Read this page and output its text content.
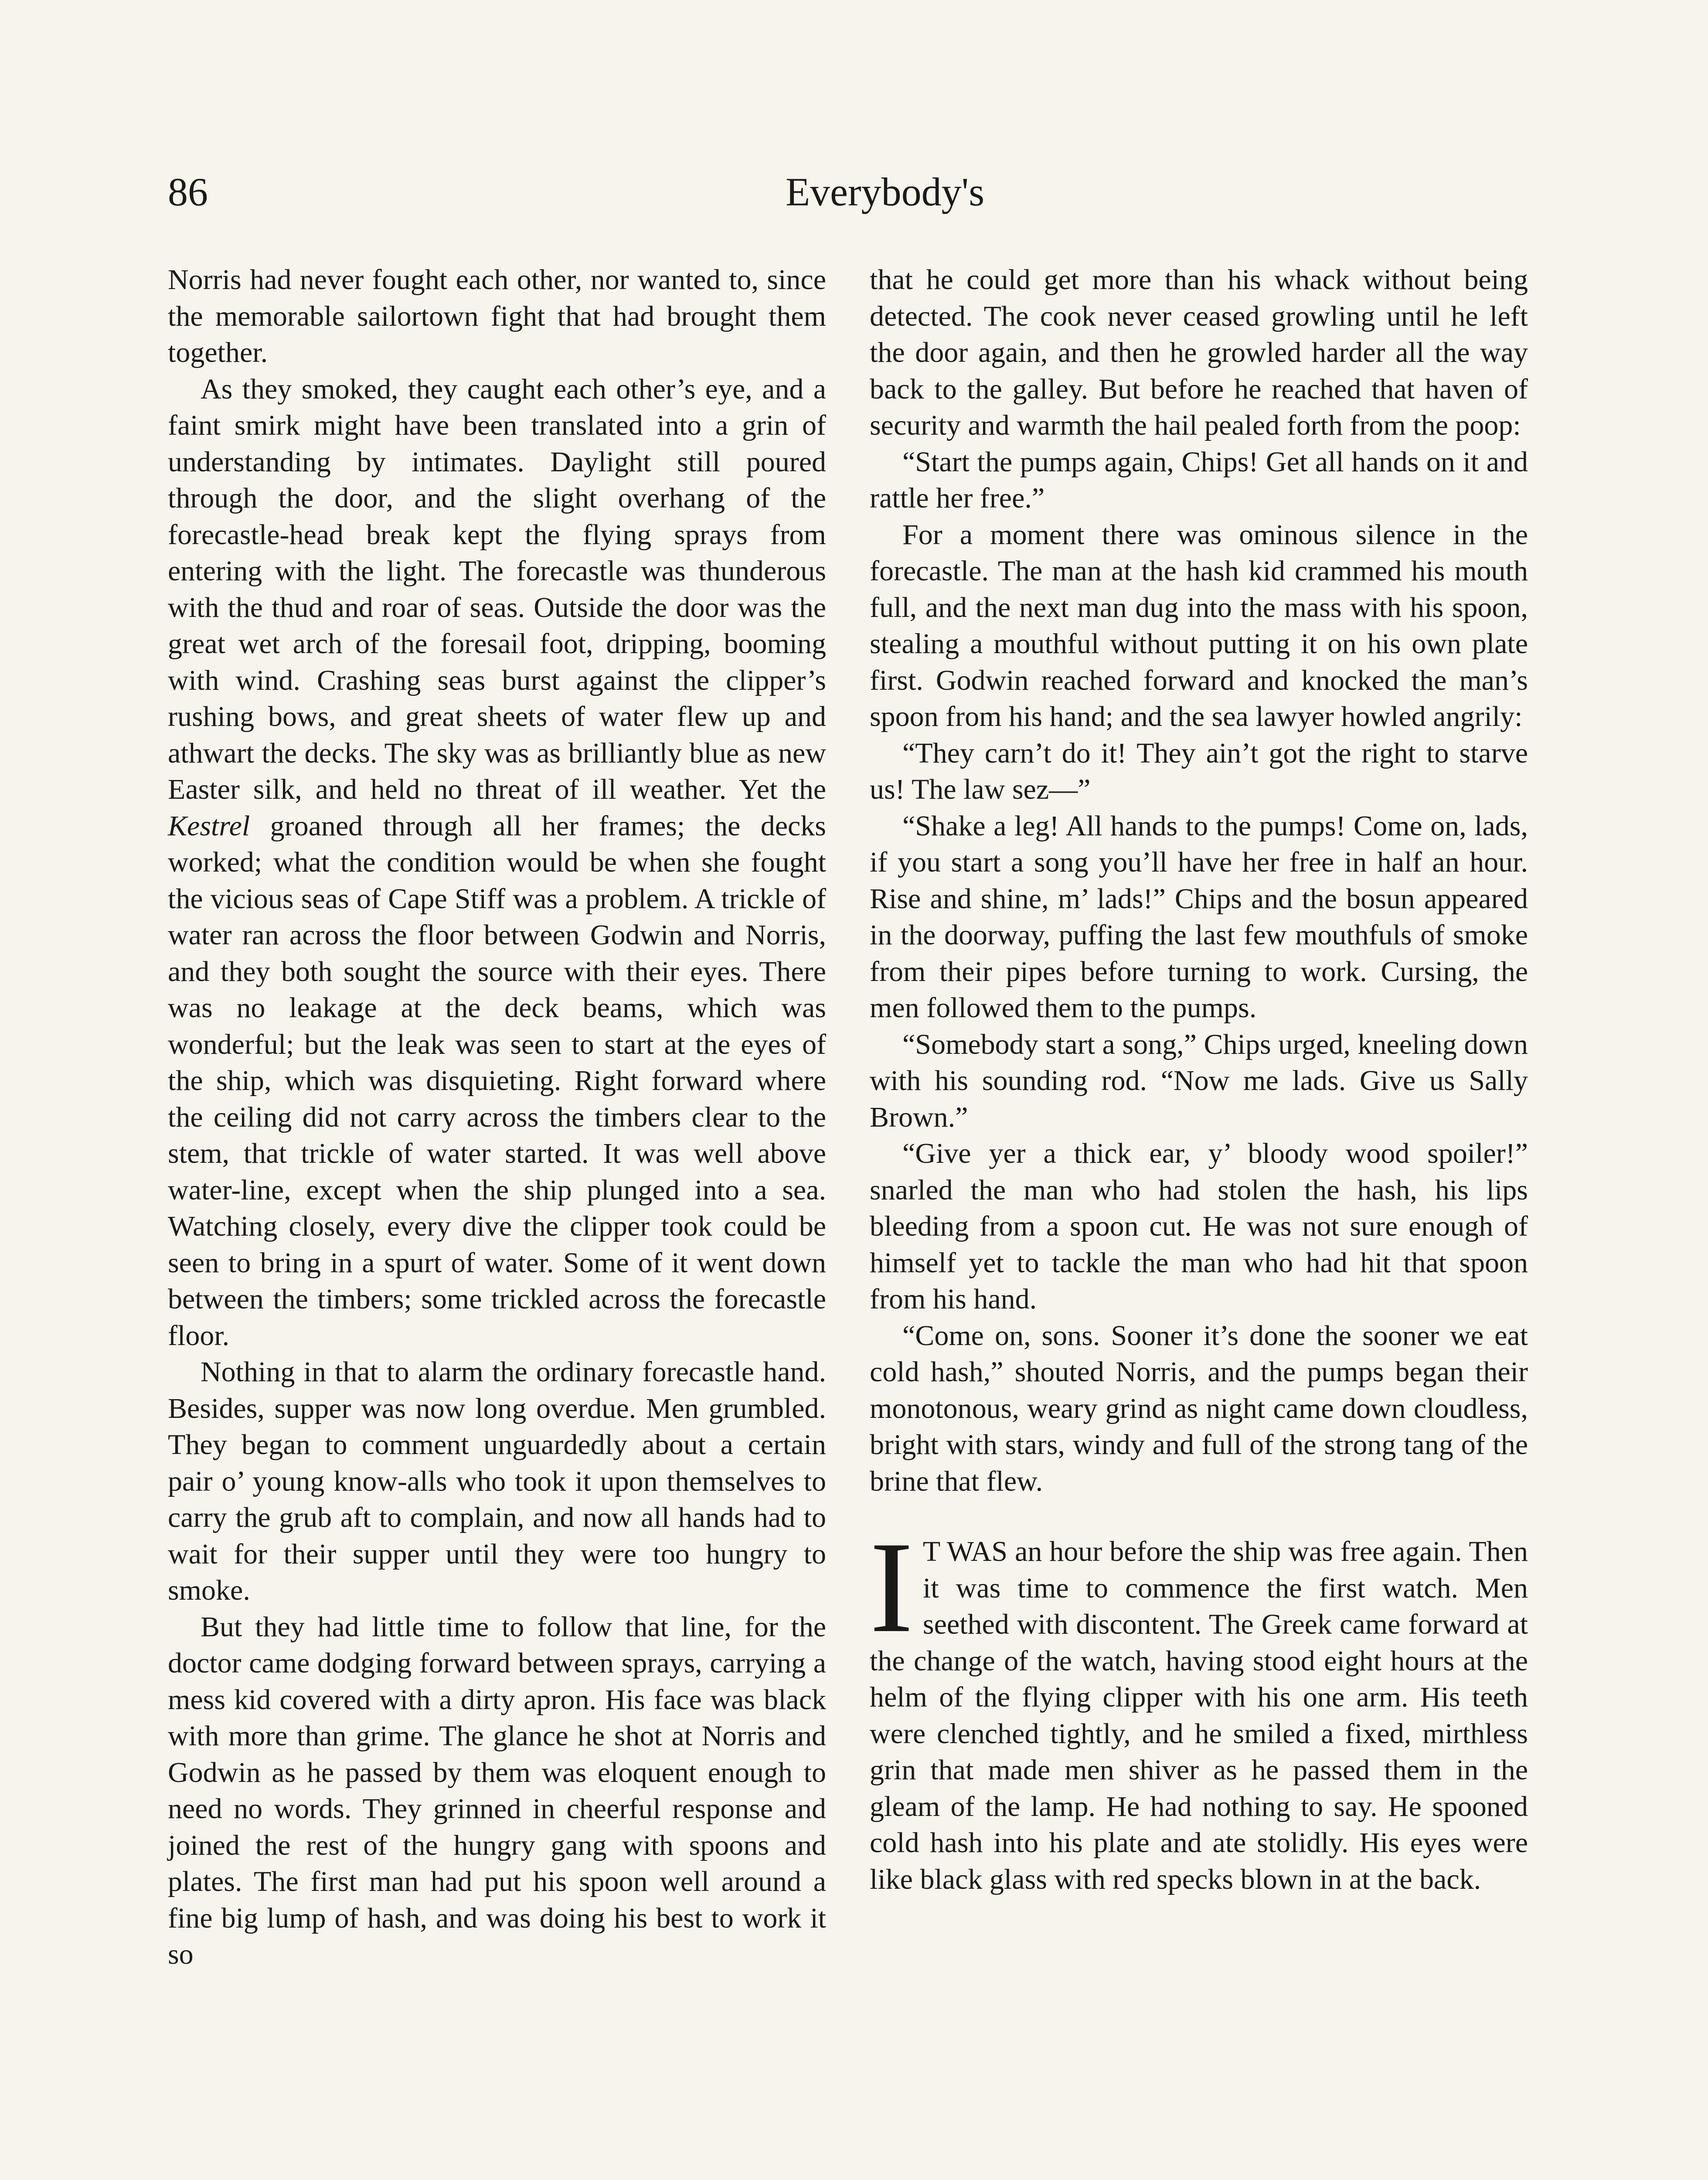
86	Everybody's

Norris had never fought each other, nor wanted to, since the memorable sailortown fight that had brought them together.

As they smoked, they caught each other’s eye, and a faint smirk might have been translated into a grin of understanding by intimates. Daylight still poured through the door, and the slight overhang of the forecastle-head break kept the flying sprays from entering with the light. The forecastle was thunderous with the thud and roar of seas. Outside the door was the great wet arch of the foresail foot, dripping, booming with wind. Crashing seas burst against the clipper’s rushing bows, and great sheets of water flew up and athwart the decks. The sky was as brilliantly blue as new Easter silk, and held no threat of ill weather. Yet the Kestrel groaned through all her frames; the decks worked; what the condition would be when she fought the vicious seas of Cape Stiff was a problem. A trickle of water ran across the floor between Godwin and Norris, and they both sought the source with their eyes. There was no leakage at the deck beams, which was wonderful; but the leak was seen to start at the eyes of the ship, which was disquieting. Right forward where the ceiling did not carry across the timbers clear to the stem, that trickle of water started. It was well above water-line, except when the ship plunged into a sea. Watching closely, every dive the clipper took could be seen to bring in a spurt of water. Some of it went down between the timbers; some trickled across the forecastle floor.

Nothing in that to alarm the ordinary forecastle hand. Besides, supper was now long overdue. Men grumbled. They began to comment unguardedly about a certain pair o’ young know-alls who took it upon themselves to carry the grub aft to complain, and now all hands had to wait for their supper until they were too hungry to smoke.

But they had little time to follow that line, for the doctor came dodging forward between sprays, carrying a mess kid covered with a dirty apron. His face was black with more than grime. The glance he shot at Norris and Godwin as he passed by them was eloquent enough to need no words. They grinned in cheerful response and joined the rest of the hungry gang with spoons and plates. The first man had put his spoon well around a fine big lump of hash, and was doing his best to work it so

that he could get more than his whack without being detected. The cook never ceased growling until he left the door again, and then he growled harder all the way back to the galley. But before he reached that haven of security and warmth the hail pealed forth from the poop:

“Start the pumps again, Chips! Get all hands on it and rattle her free.”

For a moment there was ominous silence in the forecastle. The man at the hash kid crammed his mouth full, and the next man dug into the mass with his spoon, stealing a mouthful without putting it on his own plate first. Godwin reached forward and knocked the man’s spoon from his hand; and the sea lawyer howled angrily:

“They carn’t do it! They ain’t got the right to starve us! The law sez—”

“Shake a leg! All hands to the pumps! Come on, lads, if you start a song you’ll have her free in half an hour. Rise and shine, m’ lads!” Chips and the bosun appeared in the doorway, puffing the last few mouthfuls of smoke from their pipes before turning to work. Cursing, the men followed them to the pumps.

“Somebody start a song,” Chips urged, kneeling down with his sounding rod. “Now me lads. Give us Sally Brown.”

“Give yer a thick ear, y’ bloody wood spoiler!” snarled the man who had stolen the hash, his lips bleeding from a spoon cut. He was not sure enough of himself yet to tackle the man who had hit that spoon from his hand.

“Come on, sons. Sooner it’s done the sooner we eat cold hash,” shouted Norris, and the pumps began their monotonous, weary grind as night came down cloudless, bright with stars, windy and full of the strong tang of the brine that flew.

I T WAS an hour before the ship was free again. Then it was time to commence the first watch. Men seethed with discontent. The Greek came forward at the change of the watch, having stood eight hours at the helm of the flying clipper with his one arm. His teeth were clenched tightly, and he smiled a fixed, mirthless grin that made men shiver as he passed them in the gleam of the lamp. He had nothing to say. He spooned cold hash into his plate and ate stolidly. His eyes were like black glass with red specks blown in at the back.
